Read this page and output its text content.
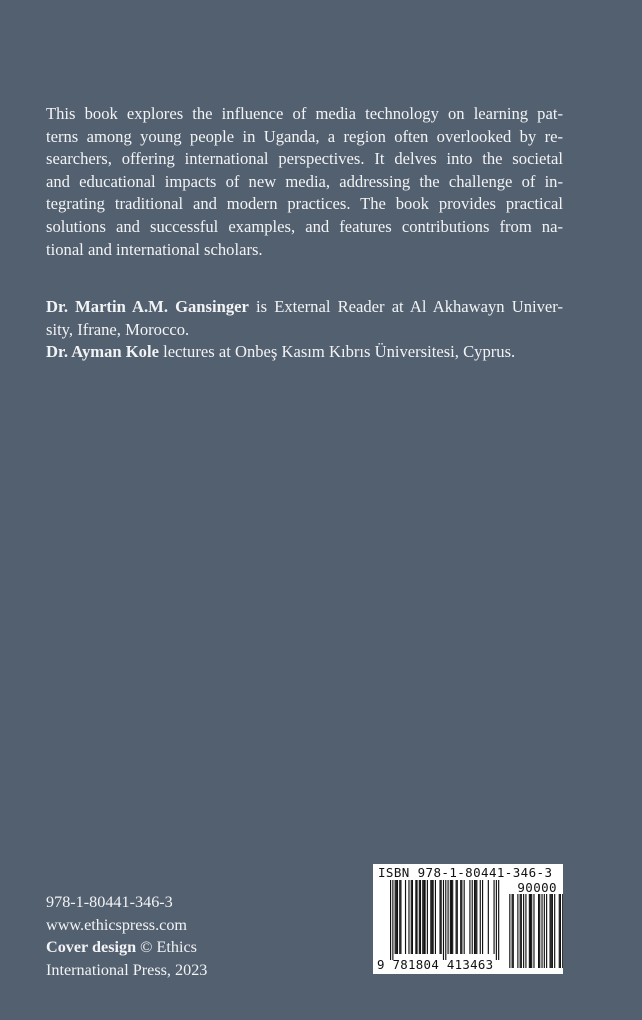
This book explores the influence of media technology on learning pat-
terns among young people in Uganda, a region often overlooked by re-
searchers, offering international perspectives. It delves into the societal
and educational impacts of new media, addressing the challenge of in-
tegrating traditional and modern practices. The book provides practical
solutions and successful examples, and features contributions from na-
tional and international scholars.

Dr. Martin A.M. Gansinger is External Reader at Al Akhawayn Univer-

sity, Ifrane, Morocco.

Dr. Ayman Kole lectures at Onbeş Kasım Kıbrıs Üniversitesi, Cyprus.

978-1-80441-346-3
www.ethicspress.com
Cover design © Ethics
International Press, 2023
ISBN 978-1-80441-346-3
90000
9 781804 413463
